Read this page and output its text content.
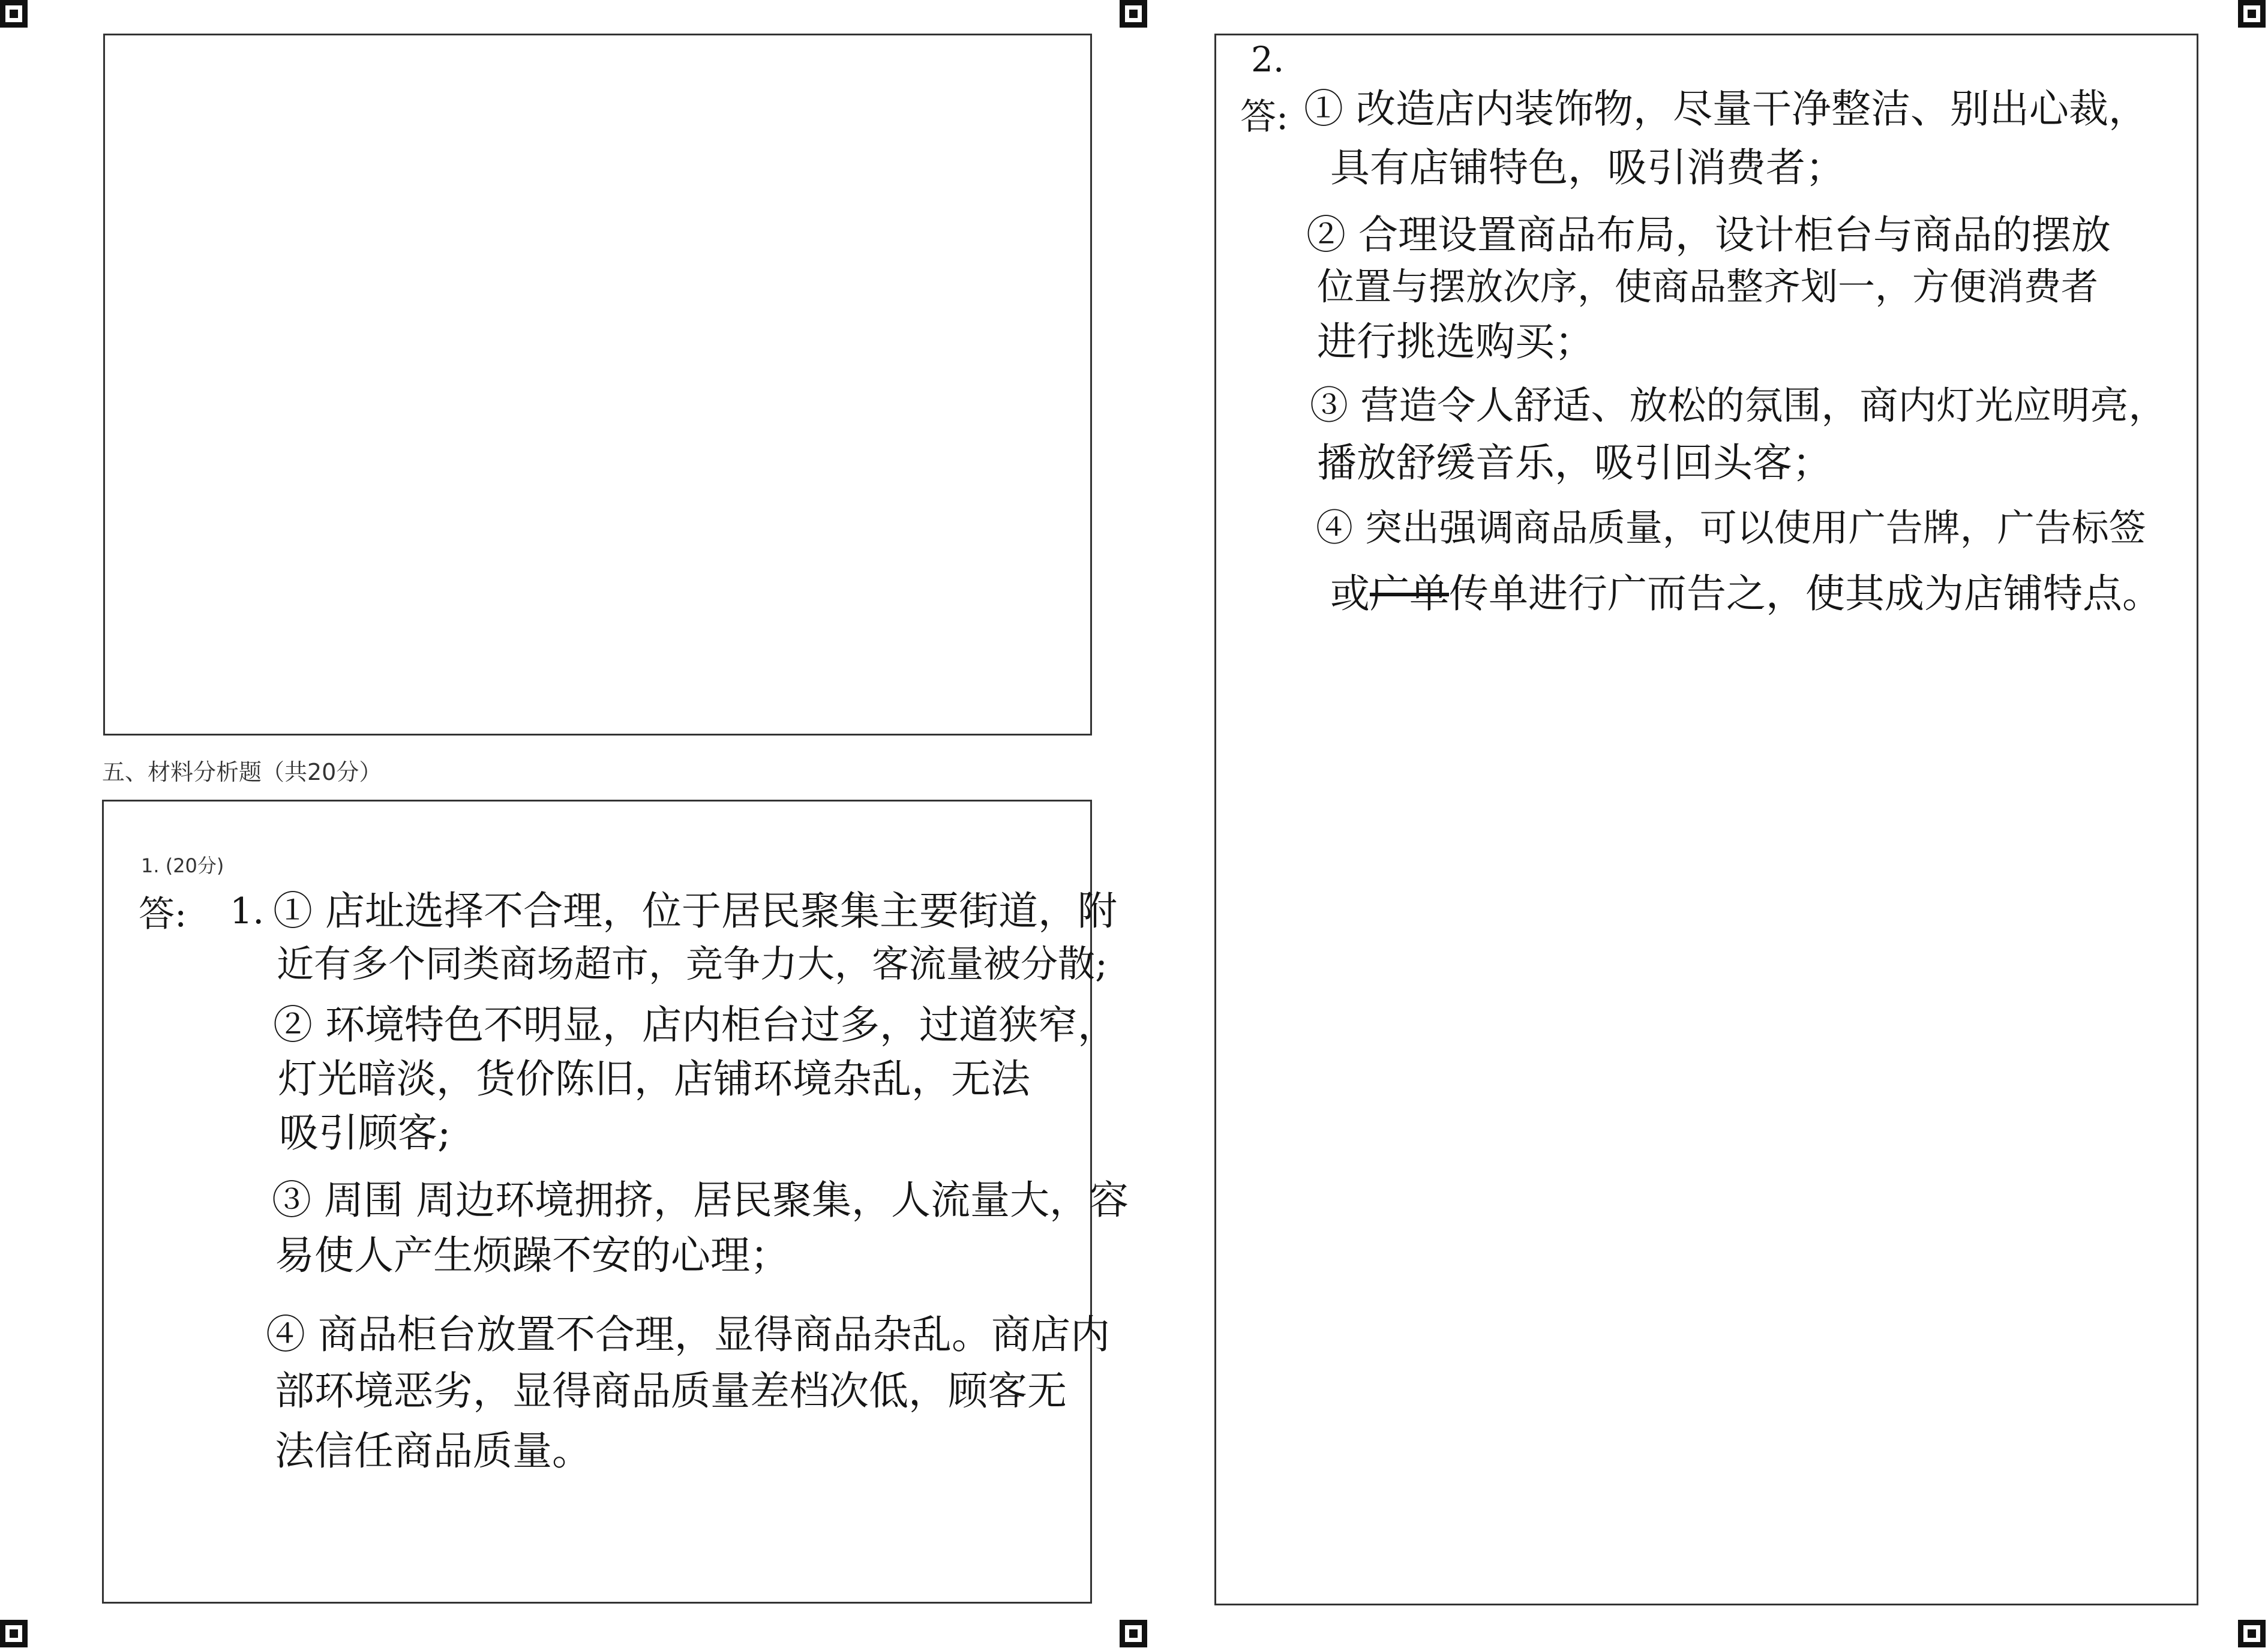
五、材料分析题（共20分）
1. (20分)
答: 1. ① 店址选择不合理，位于居民聚集主要街道，附
近有多个同类商场超市，竞争力大，客流量被分散;
② 环境特色不明显，店内柜台过多，过道狭窄，
灯光暗淡，货价陈旧，店铺环境杂乱，无法
吸引顾客;
③ 周围 周边环境拥挤，居民聚集，人流量大，容
易使人产生烦躁不安的心理；
④ 商品柜台放置不合理，显得商品杂乱。商店内
部环境恶劣，显得商品质量差档次低，顾客无
法信任商品质量。
2.
答: ① 改造店内装饰物，尽量干净整洁、别出心裁，
具有店铺特色，吸引消费者；
② 合理设置商品布局，设计柜台与商品的摆放
位置与摆放次序，使商品整齐划一，方便消费者
进行挑选购买；
③ 营造令人舒适、放松的氛围，商内灯光应明亮，
播放舒缓音乐，吸引回头客；
④ 突出强调商品质量，可以使用广告牌，广告标签
或广单传单进行广而告之，使其成为店铺特点。
